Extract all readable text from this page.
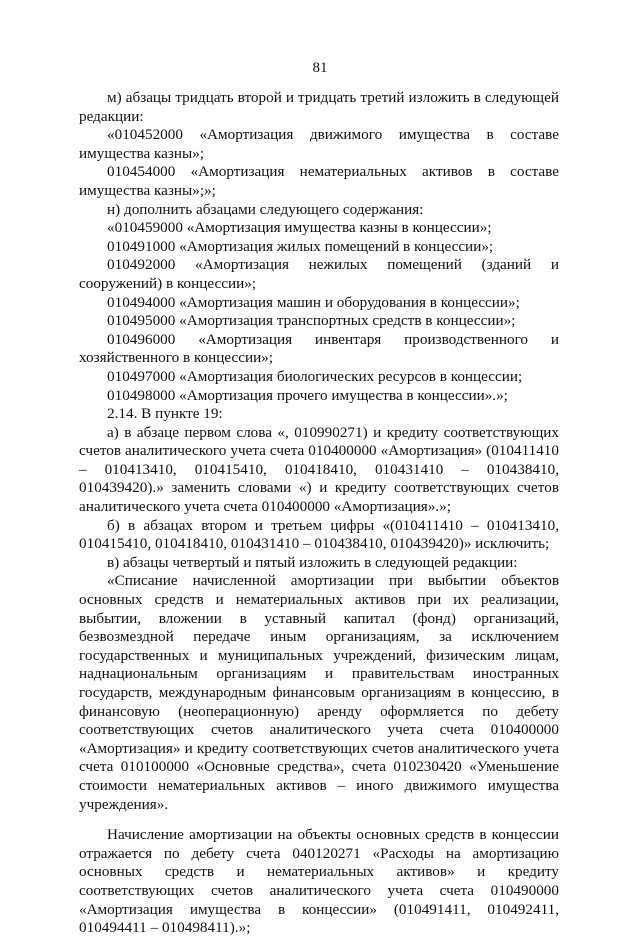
81

м) абзацы тридцать второй и тридцать третий изложить в следующей редакции:

«010452000 «Амортизация движимого имущества в составе имущества казны»;

010454000 «Амортизация нематериальных активов в составе имущества казны»;»;

н) дополнить абзацами следующего содержания:

«010459000 «Амортизация имущества казны в концессии»;

010491000 «Амортизация жилых помещений в концессии»;

010492000 «Амортизация нежилых помещений (зданий и сооружений) в концессии»;

010494000 «Амортизация машин и оборудования в концессии»;

010495000 «Амортизация транспортных средств в концессии»;

010496000 «Амортизация инвентаря производственного и хозяйственного в концессии»;

010497000 «Амортизация биологических ресурсов в концессии;

010498000 «Амортизация прочего имущества в концессии».»;

2.14. В пункте 19:

а) в абзаце первом слова «, 010990271) и кредиту соответствующих счетов аналитического учета счета 010400000 «Амортизация» (010411410 – 010413410, 010415410, 010418410, 010431410 – 010438410, 010439420).» заменить словами «) и кредиту соответствующих счетов аналитического учета счета 010400000 «Амортизация».»;

б) в абзацах втором и третьем цифры «(010411410 – 010413410, 010415410, 010418410, 010431410 – 010438410, 010439420)» исключить;

в) абзацы четвертый и пятый изложить в следующей редакции:

«Списание начисленной амортизации при выбытии объектов основных средств и нематериальных активов при их реализации, выбытии, вложении в уставный капитал (фонд) организаций, безвозмездной передаче иным организациям, за исключением государственных и муниципальных учреждений, физическим лицам, наднациональным организациям и правительствам иностранных государств, международным финансовым организациям в концессию, в финансовую (неоперационную) аренду оформляется по дебету соответствующих счетов аналитического учета счета 010400000 «Амортизация» и кредиту соответствующих счетов аналитического учета счета 010100000 «Основные средства», счета 010230420 «Уменьшение стоимости нематериальных активов – иного движимого имущества учреждения».

Начисление амортизации на объекты основных средств в концессии отражается по дебету счета 040120271 «Расходы на амортизацию основных средств и нематериальных активов» и кредиту соответствующих счетов аналитического учета счета 010490000 «Амортизация имущества в концессии» (010491411, 010492411, 010494411 – 010498411).»;
